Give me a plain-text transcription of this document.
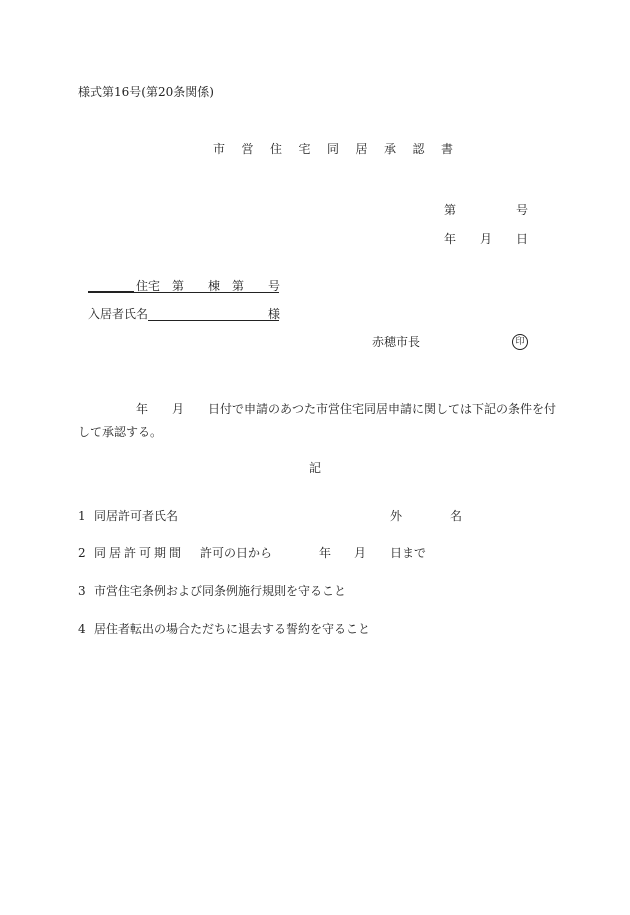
様式第16号(第20条関係)
市営住宅同居承認書
第	号
年 月 日
住宅 第 棟 第 号
入居者氏名	様
赤穂市長	印
年 月 日付で申請のあつた市営住宅同居申請に関しては下記の条件を付
して承認する。
記
1 同居許可者氏名	外	名
2 同居許可期間 許可の日から	年 月 日まで
3 市営住宅条例および同条例施行規則を守ること
4 居住者転出の場合ただちに退去する誓約を守ること
